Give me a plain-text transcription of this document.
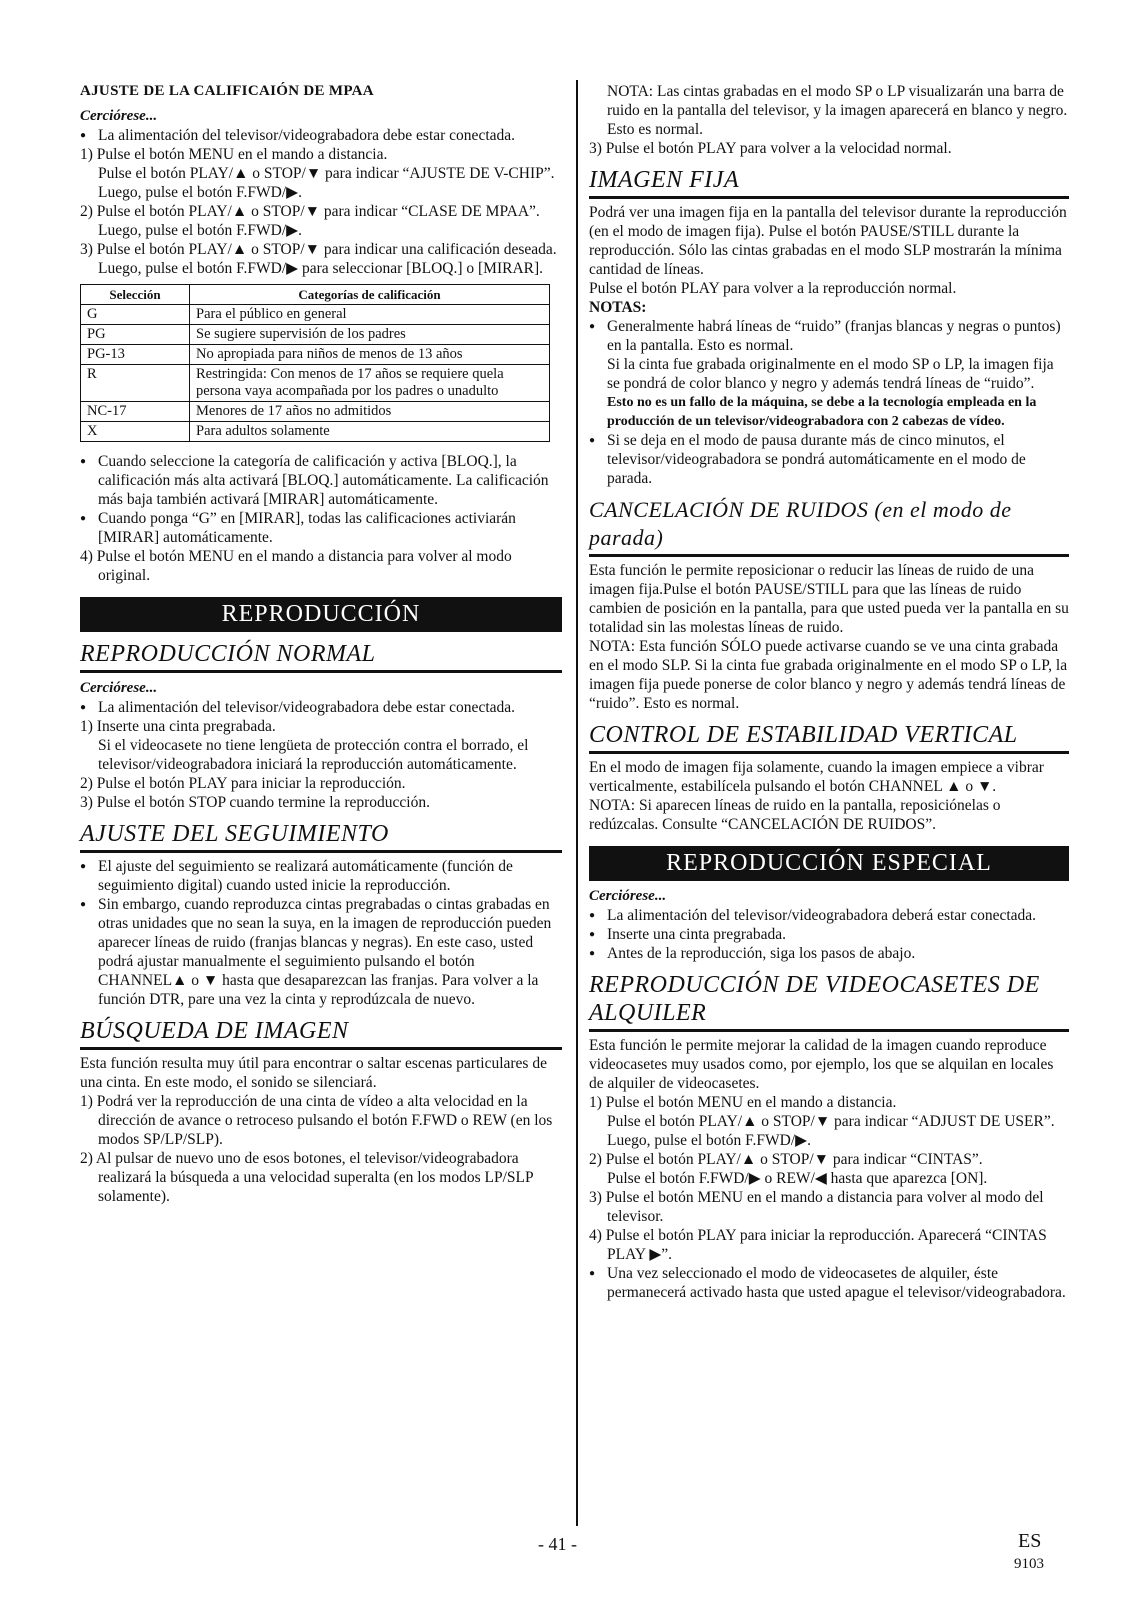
AJUSTE DE LA CALIFICAIÓN DE MPAA

Cerciórese...

● La alimentación del televisor/videograbadora debe estar conectada.

1) Pulse el botón MENU en el mando a distancia.

Pulse el botón PLAY/▲ o STOP/▼ para indicar “AJUSTE DE V-CHIP”.

Luego, pulse el botón F.FWD/▶.

2) Pulse el botón PLAY/▲ o STOP/▼ para indicar “CLASE DE MPAA”.

Luego, pulse el botón F.FWD/▶.

3) Pulse el botón PLAY/▲ o STOP/▼ para indicar una calificación deseada.

Luego, pulse el botón F.FWD/▶ para seleccionar [BLOQ.] o [MIRAR].

Selección	Categorías de calificación
G	Para el público en general
PG	Se sugiere supervisión de los padres
PG-13	No apropiada para niños de menos de 13 años
R	Restringida: Con menos de 17 años se requiere quela persona vaya acompañada por los padres o unadulto
NC-17	Menores de 17 años no admitidos
X	Para adultos solamente

● Cuando seleccione la categoría de calificación y activa [BLOQ.], la calificación más alta activará [BLOQ.] automáticamente. La calificación más baja también activará [MIRAR] automáticamente.

● Cuando ponga “G” en [MIRAR], todas las calificaciones activiarán [MIRAR] automáticamente.

4) Pulse el botón MENU en el mando a distancia para volver al modo original.

REPRODUCCIÓN
REPRODUCCIÓN NORMAL

Cerciórese...

● La alimentación del televisor/videograbadora debe estar conectada.

1) Inserte una cinta pregrabada.

Si el videocasete no tiene lengüeta de protección contra el borrado, el televisor/videograbadora iniciará la reproducción automáticamente.

2) Pulse el botón PLAY para iniciar la reproducción.

3) Pulse el botón STOP cuando termine la reproducción.

AJUSTE DEL SEGUIMIENTO

● El ajuste del seguimiento se realizará automáticamente (función de seguimiento digital) cuando usted inicie la reproducción.

● Sin embargo, cuando reproduzca cintas pregrabadas o cintas grabadas en otras unidades que no sean la suya, en la imagen de reproducción pueden aparecer líneas de ruido (franjas blancas y negras). En este caso, usted podrá ajustar manualmente el seguimiento pulsando el botón CHANNEL▲ o ▼ hasta que desaparezcan las franjas. Para volver a la función DTR, pare una vez la cinta y reprodúzcala de nuevo.

BÚSQUEDA DE IMAGEN

Esta función resulta muy útil para encontrar o saltar escenas particulares de una cinta. En este modo, el sonido se silenciará.

1) Podrá ver la reproducción de una cinta de vídeo a alta velocidad en la dirección de avance o retroceso pulsando el botón F.FWD o REW (en los modos SP/LP/SLP).

2) Al pulsar de nuevo uno de esos botones, el televisor/videograbadora realizará la búsqueda a una velocidad superalta (en los modos LP/SLP solamente).

NOTA: Las cintas grabadas en el modo SP o LP visualizarán una barra de ruido en la pantalla del televisor, y la imagen aparecerá en blanco y negro. Esto es normal.

3) Pulse el botón PLAY para volver a la velocidad normal.

IMAGEN FIJA

Podrá ver una imagen fija en la pantalla del televisor durante la reproducción (en el modo de imagen fija). Pulse el botón PAUSE/STILL durante la reproducción. Sólo las cintas grabadas en el modo SLP mostrarán la mínima cantidad de líneas.

Pulse el botón PLAY para volver a la reproducción normal.

NOTAS:

● Generalmente habrá líneas de “ruido” (franjas blancas y negras o puntos) en la pantalla. Esto es normal.

Si la cinta fue grabada originalmente en el modo SP o LP, la imagen fija se pondrá de color blanco y negro y además tendrá líneas de “ruido”.

Esto no es un fallo de la máquina, se debe a la tecnología empleada en la producción de un televisor/videograbadora con 2 cabezas de vídeo.

● Si se deja en el modo de pausa durante más de cinco minutos, el televisor/videograbadora se pondrá automáticamente en el modo de parada.

CANCELACIÓN DE RUIDOS (en el modo de parada)

Esta función le permite reposicionar o reducir las líneas de ruido de una imagen fija.Pulse el botón PAUSE/STILL para que las líneas de ruido cambien de posición en la pantalla, para que usted pueda ver la pantalla en su totalidad sin las molestas líneas de ruido.

NOTA: Esta función SÓLO puede activarse cuando se ve una cinta grabada en el modo SLP. Si la cinta fue grabada originalmente en el modo SP o LP, la imagen fija puede ponerse de color blanco y negro y además tendrá líneas de “ruido”. Esto es normal.

CONTROL DE ESTABILIDAD VERTICAL

En el modo de imagen fija solamente, cuando la imagen empiece a vibrar verticalmente, estabilícela pulsando el botón CHANNEL ▲ o ▼.

NOTA: Si aparecen líneas de ruido en la pantalla, reposiciónelas o redúzcalas. Consulte “CANCELACIÓN DE RUIDOS”.

REPRODUCCIÓN ESPECIAL

Cerciórese...

● La alimentación del televisor/videograbadora deberá estar conectada.

● Inserte una cinta pregrabada.

● Antes de la reproducción, siga los pasos de abajo.

REPRODUCCIÓN DE VIDEOCASETES DE ALQUILER

Esta función le permite mejorar la calidad de la imagen cuando reproduce videocasetes muy usados como, por ejemplo, los que se alquilan en locales de alquiler de videocasetes.

1) Pulse el botón MENU en el mando a distancia.

Pulse el botón PLAY/▲ o STOP/▼ para indicar “ADJUST DE USER”.

Luego, pulse el botón F.FWD/▶.

2) Pulse el botón PLAY/▲ o STOP/▼ para indicar “CINTAS”.

Pulse el botón F.FWD/▶ o REW/◀ hasta que aparezca [ON].

3) Pulse el botón MENU en el mando a distancia para volver al modo del televisor.

4) Pulse el botón PLAY para iniciar la reproducción. Aparecerá “CINTAS PLAY ▶”.

● Una vez seleccionado el modo de videocasetes de alquiler, éste permanecerá activado hasta que usted apague el televisor/videograbadora.

- 41 -	ES
9103
